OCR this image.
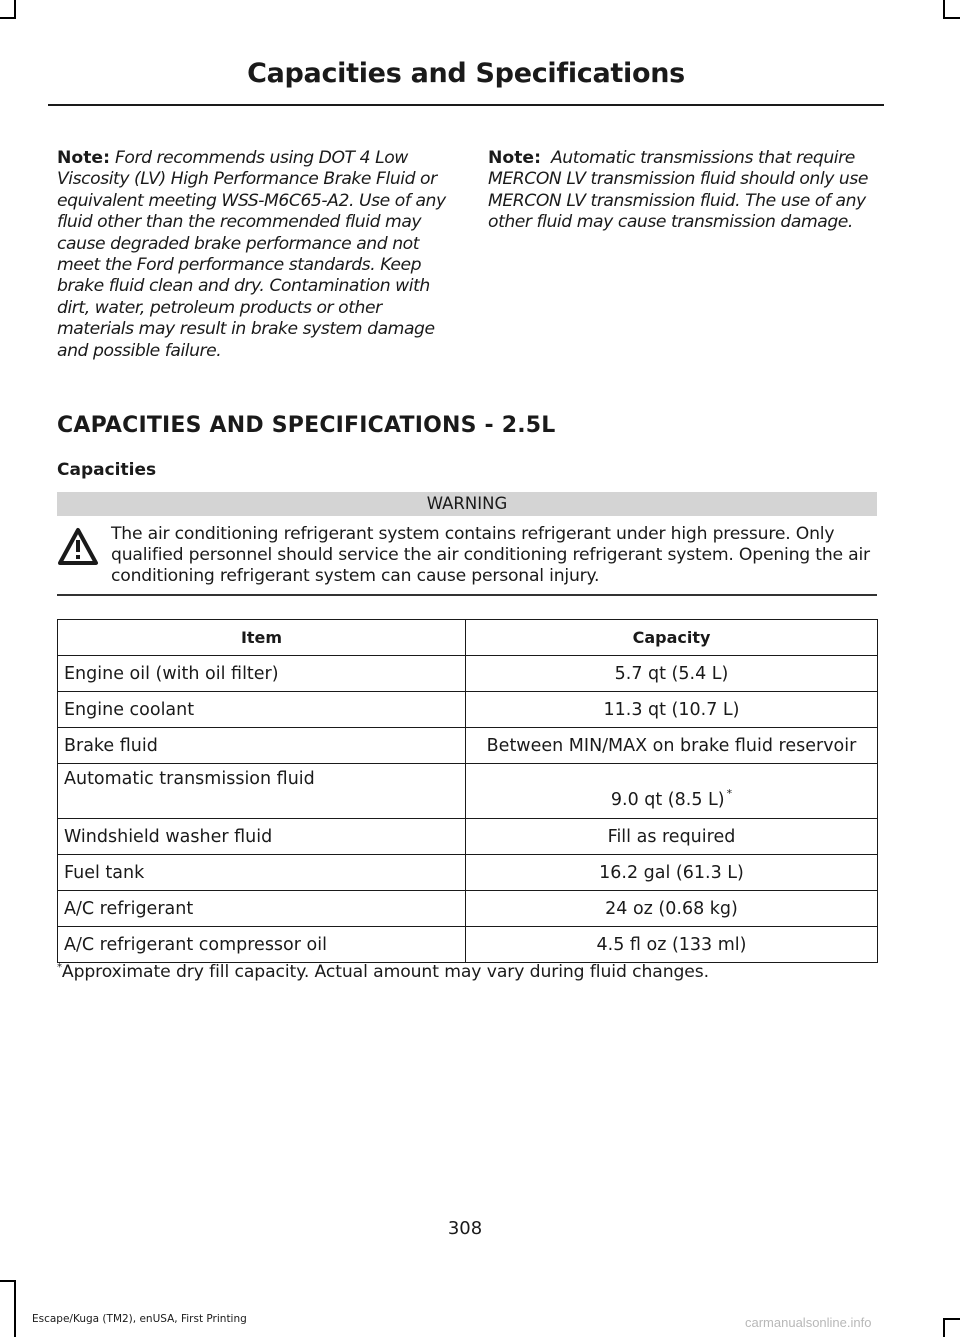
Capacities and Specifications
Note: Ford recommends using DOT 4 Low Viscosity (LV) High Performance Brake Fluid or equivalent meeting WSS-M6C65-A2. Use of any fluid other than the recommended fluid may cause degraded brake performance and not meet the Ford performance standards. Keep brake fluid clean and dry. Contamination with dirt, water, petroleum products or other materials may result in brake system damage and possible failure.
Note: Automatic transmissions that require MERCON LV transmission fluid should only use MERCON LV transmission fluid. The use of any other fluid may cause transmission damage.
CAPACITIES AND SPECIFICATIONS - 2.5L
Capacities
WARNING
The air conditioning refrigerant system contains refrigerant under high pressure. Only qualified personnel should service the air conditioning refrigerant system. Opening the air conditioning refrigerant system can cause personal injury.
Item	Capacity
Engine oil (with oil filter)	5.7 qt (5.4 L)
Engine coolant	11.3 qt (10.7 L)
Brake fluid	Between MIN/MAX on brake fluid reservoir
Automatic transmission fluid	9.0 qt (8.5 L) *
Windshield washer fluid	Fill as required
Fuel tank	16.2 gal (61.3 L)
A/C refrigerant	24 oz (0.68 kg)
A/C refrigerant compressor oil	4.5 fl oz (133 ml)
*Approximate dry fill capacity. Actual amount may vary during fluid changes.
308
Escape/Kuga (TM2), enUSA, First Printing	carmanualsonline.info
